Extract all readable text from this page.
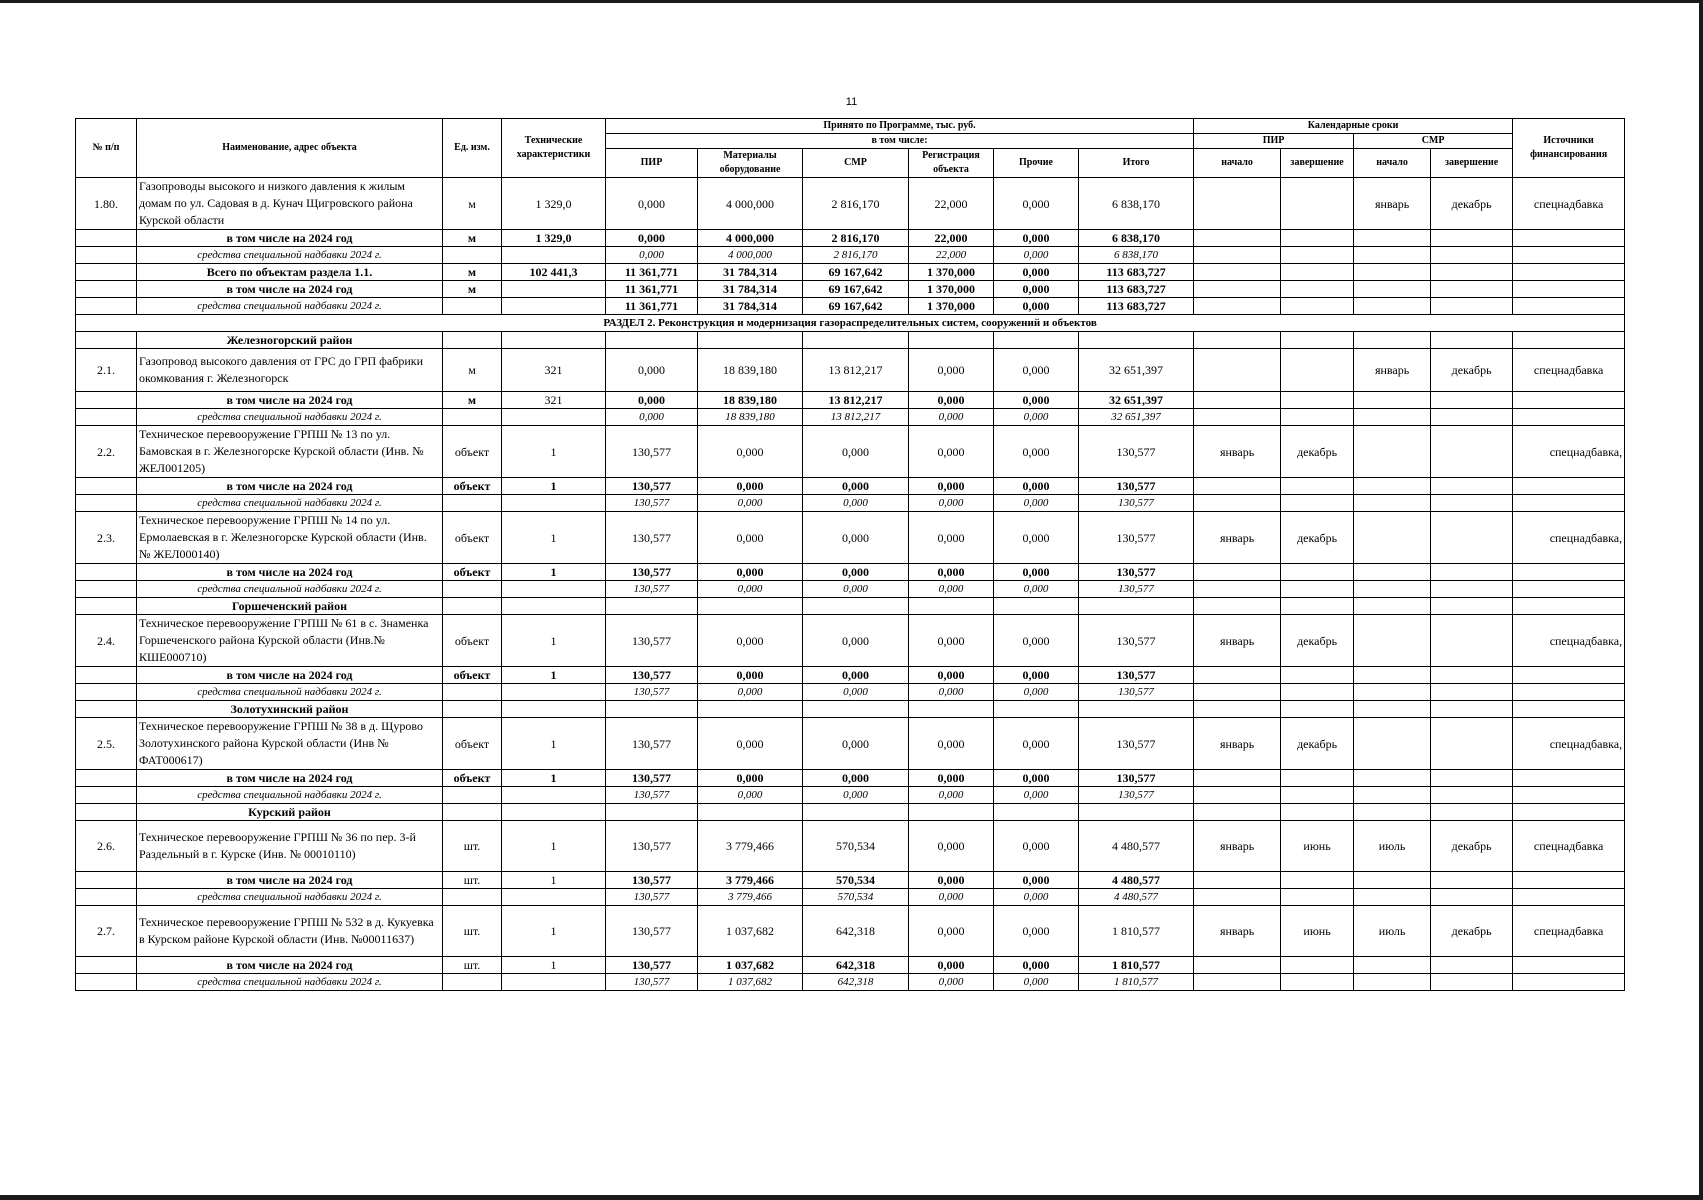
11
№ п/п	Наименование, адрес объекта	Ед. изм.	Технические характеристики	Принято по Программе, тыс. руб.						Календарные сроки				Источники финансирования
				в том числе:						ПИР		СМР		
				ПИР	Материалы оборудование	СМР	Регистрация объекта	Прочие	Итого	начало	завершение	начало	завершение	
1.80.	Газопроводы высокого и низкого давления к жилым домам по ул. Садовая в д. Кунач Щигровского района Курской области	м	1 329,0	0,000	4 000,000	2 816,170	22,000	0,000	6 838,170			январь	декабрь	спецнадбавка
	в том числе на 2024 год	м	1 329,0	0,000	4 000,000	2 816,170	22,000	0,000	6 838,170					
	средства специальной надбавки 2024 г.			0,000	4 000,000	2 816,170	22,000	0,000	6 838,170					
	Всего по объектам раздела 1.1.	м	102 441,3	11 361,771	31 784,314	69 167,642	1 370,000	0,000	113 683,727					
	в том числе на 2024 год	м		11 361,771	31 784,314	69 167,642	1 370,000	0,000	113 683,727					
	средства специальной надбавки 2024 г.			11 361,771	31 784,314	69 167,642	1 370,000	0,000	113 683,727					
РАЗДЕЛ 2. Реконструкция и модернизация газораспределительных систем, сооружений и объектов														
	Железногорский район													
2.1.	Газопровод высокого давления от ГРС до ГРП фабрики окомкования г. Железногорск	м	321	0,000	18 839,180	13 812,217	0,000	0,000	32 651,397			январь	декабрь	спецнадбавка
	в том числе на 2024 год	м	321	0,000	18 839,180	13 812,217	0,000	0,000	32 651,397					
	средства специальной надбавки 2024 г.			0,000	18 839,180	13 812,217	0,000	0,000	32 651,397					
2.2.	Техническое перевооружение ГРПШ № 13 по ул. Бамовская в г. Железногорске Курской области (Инв. № ЖЕЛ001205)	объект	1	130,577	0,000	0,000	0,000	0,000	130,577	январь	декабрь			спецнадбавка,
	в том числе на 2024 год	объект	1	130,577	0,000	0,000	0,000	0,000	130,577					
	средства специальной надбавки 2024 г.			130,577	0,000	0,000	0,000	0,000	130,577					
2.3.	Техническое перевооружение ГРПШ № 14 по ул. Ермолаевская в г. Железногорске Курской области (Инв. № ЖЕЛ000140)	объект	1	130,577	0,000	0,000	0,000	0,000	130,577	январь	декабрь			спецнадбавка,
	в том числе на 2024 год	объект	1	130,577	0,000	0,000	0,000	0,000	130,577					
	средства специальной надбавки 2024 г.			130,577	0,000	0,000	0,000	0,000	130,577					
	Горшеченский район													
2.4.	Техническое перевооружение ГРПШ № 61 в с. Знаменка Горшеченского района Курской области (Инв.№ КШЕ000710)	объект	1	130,577	0,000	0,000	0,000	0,000	130,577	январь	декабрь			спецнадбавка,
	в том числе на 2024 год	объект	1	130,577	0,000	0,000	0,000	0,000	130,577					
	средства специальной надбавки 2024 г.			130,577	0,000	0,000	0,000	0,000	130,577					
	Золотухинский район													
2.5.	Техническое перевооружение ГРПШ № 38 в д. Щурово Золотухинского района Курской области (Инв № ФАТ000617)	объект	1	130,577	0,000	0,000	0,000	0,000	130,577	январь	декабрь			спецнадбавка,
	в том числе на 2024 год	объект	1	130,577	0,000	0,000	0,000	0,000	130,577					
	средства специальной надбавки 2024 г.			130,577	0,000	0,000	0,000	0,000	130,577					
	Курский район													
2.6.	Техническое перевооружение ГРПШ № 36 по пер. 3-й Раздельный в г. Курске (Инв. № 00010110)	шт.	1	130,577	3 779,466	570,534	0,000	0,000	4 480,577	январь	июнь	июль	декабрь	спецнадбавка
	в том числе на 2024 год	шт.	1	130,577	3 779,466	570,534	0,000	0,000	4 480,577					
	средства специальной надбавки 2024 г.			130,577	3 779,466	570,534	0,000	0,000	4 480,577					
2.7.	Техническое перевооружение ГРПШ № 532 в д. Кукуевка в Курском районе Курской области (Инв. №00011637)	шт.	1	130,577	1 037,682	642,318	0,000	0,000	1 810,577	январь	июнь	июль	декабрь	спецнадбавка
	в том числе на 2024 год	шт.	1	130,577	1 037,682	642,318	0,000	0,000	1 810,577					
	средства специальной надбавки 2024 г.			130,577	1 037,682	642,318	0,000	0,000	1 810,577					
